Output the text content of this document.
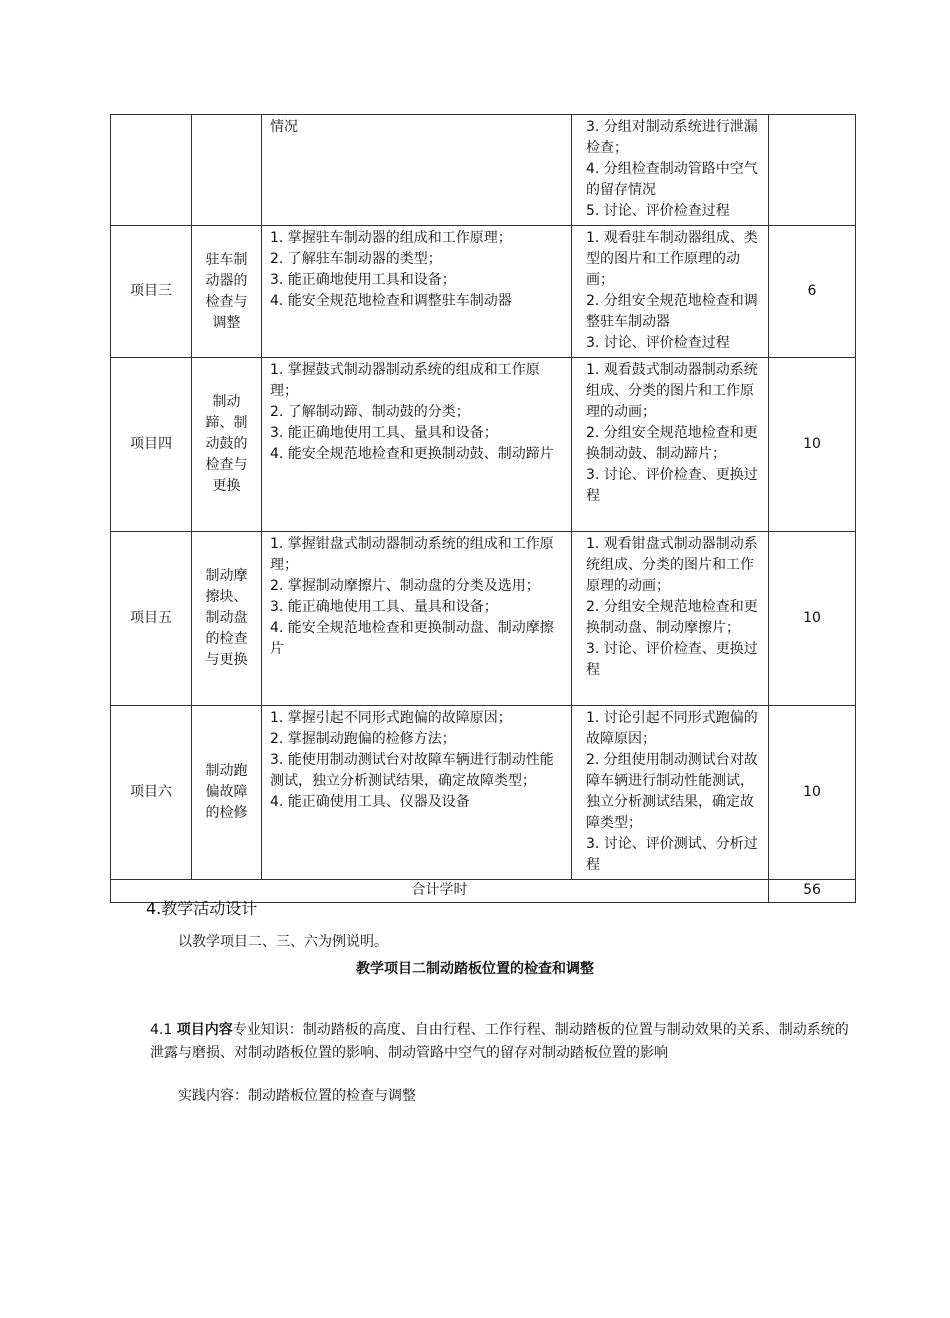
		情况	3. 分组对制动系统进行泄漏检查；
4. 分组检查制动管路中空气的留存情况
5. 讨论、评价检查过程	

项目三	驻车制动器的检查与调整	1. 掌握驻车制动器的组成和工作原理；
2. 了解驻车制动器的类型；
3. 能正确地使用工具和设备；
4. 能安全规范地检查和调整驻车制动器	1. 观看驻车制动器组成、类型的图片和工作原理的动画；
2. 分组安全规范地检查和调整驻车制动器
3. 讨论、评价检查过程	6
项目四	制动蹄、制动鼓的检查与更换	1. 掌握鼓式制动器制动系统的组成和工作原理；
2. 了解制动蹄、制动鼓的分类；
3. 能正确地使用工具、量具和设备；
4. 能安全规范地检查和更换制动鼓、制动蹄片	1. 观看鼓式制动器制动系统组成、分类的图片和工作原理的动画；
2. 分组安全规范地检查和更换制动鼓、制动蹄片；
3. 讨论、评价检查、更换过程	10
项目五	制动摩擦块、制动盘的检查与更换	1. 掌握钳盘式制动器制动系统的组成和工作原理；
2. 掌握制动摩擦片、制动盘的分类及选用；
3. 能正确地使用工具、量具和设备；
4. 能安全规范地检查和更换制动盘、制动摩擦片	1. 观看钳盘式制动器制动系统组成、分类的图片和工作原理的动画；
2. 分组安全规范地检查和更换制动盘、制动摩擦片；
3. 讨论、评价检查、更换过程	10
项目六	制动跑偏故障的检修	1. 掌握引起不同形式跑偏的故障原因；
2. 掌握制动跑偏的检修方法；
3. 能使用制动测试台对故障车辆进行制动性能测试，独立分析测试结果，确定故障类型；
4. 能正确使用工具、仪器及设备	1. 讨论引起不同形式跑偏的故障原因；
2. 分组使用制动测试台对故障车辆进行制动性能测试，独立分析测试结果，确定故障类型；
3. 讨论、评价测试、分析过程	10
合计学时				56
4.教学活动设计
以教学项目二、三、六为例说明。
教学项目二制动踏板位置的检查和调整
4.1 项目内容专业知识：制动踏板的高度、自由行程、工作行程、制动踏板的位置与制动效果的关系、制动系统的泄露与磨损、对制动踏板位置的影响、制动管路中空气的留存对制动踏板位置的影响
实践内容：制动踏板位置的检查与调整
